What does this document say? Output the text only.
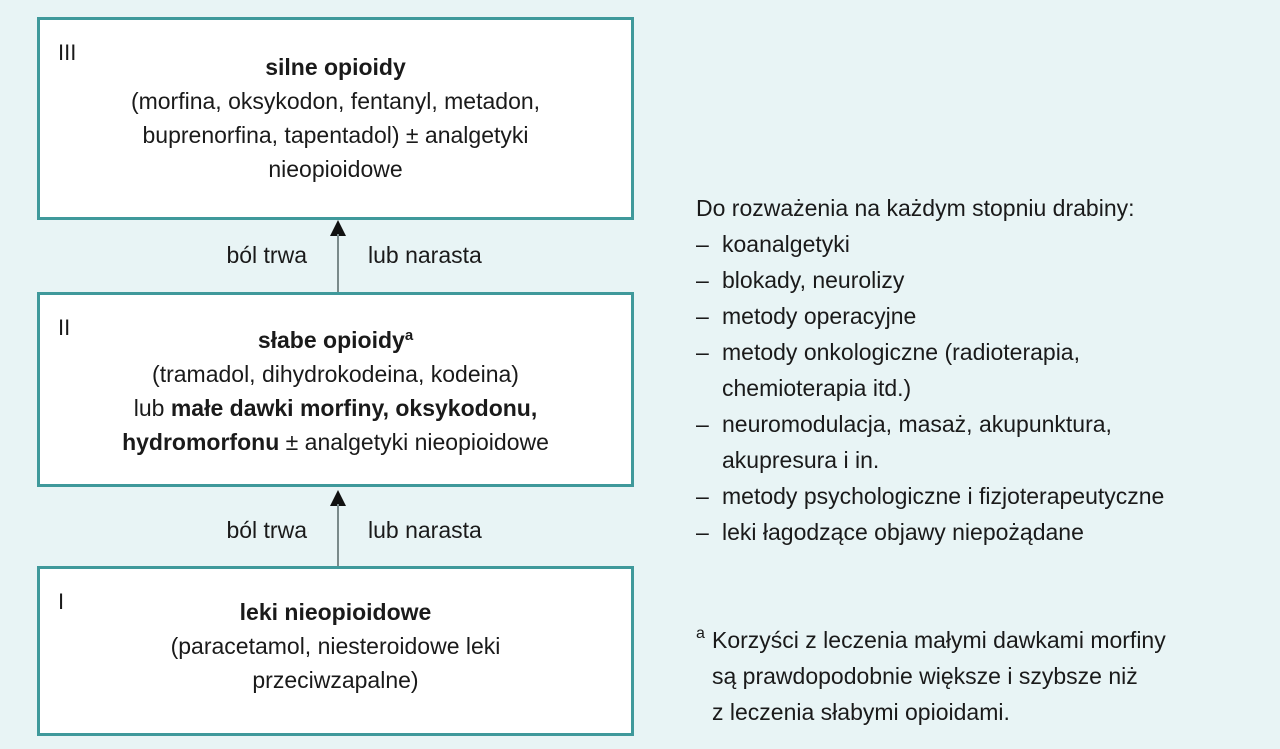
III
silne opioidy
(morfina, oksykodon, fentanyl, metadon,
buprenorfina, tapentadol) ± analgetyki
nieopioidowe
ból trwa	lub narasta
II	słabe opioidy$^a$
(tramadol, dihydrokodeina, kodeina)
lub małe dawki morfiny, oksykodonu,
hydromorfonu ± analgetyki nieopioidowe
ból trwa	lub narasta
I	leki nieopioidowe
(paracetamol, niesteroidowe leki
przeciwzapalne)
Do rozważenia na każdym stopniu drabiny:
– koanalgetyki
– blokady, neurolizy
– metody operacyjne
– metody onkologiczne (radioterapia, chemioterapia itd.)
– neuromodulacja, masaż, akupunktura, akupresura i in.
– metody psychologiczne i fizjoterapeutyczne
– leki łagodzące objawy niepożądane
a Korzyści z leczenia małymi dawkami morfiny
są prawdopodobnie większe i szybsze niż
z leczenia słabymi opioidami.
